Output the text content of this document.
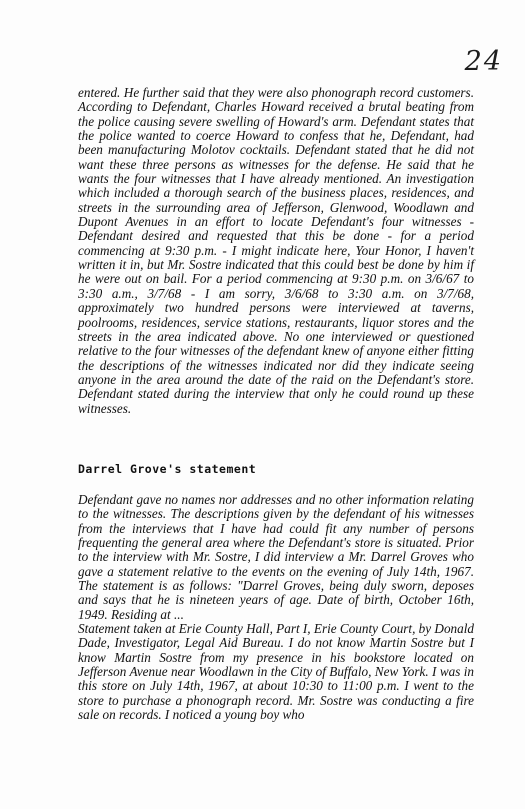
24

entered. He further said that they were also phonograph record customers. According to Defendant, Charles Howard received a brutal beating from the police causing severe swelling of Howard's arm. Defendant states that the police wanted to coerce Howard to confess that he, Defendant, had been manufacturing Molotov cocktails. Defendant stated that he did not want these three persons as witnesses for the defense. He said that he wants the four witnesses that I have already mentioned. An investigation which included a thorough search of the business places, residences, and streets in the surrounding area of Jefferson, Glenwood, Woodlawn and Dupont Avenues in an effort to locate Defendant's four witnesses - Defendant desired and requested that this be done - for a period commencing at 9:30 p.m. - I might indicate here, Your Honor, I haven't written it in, but Mr. Sostre indicated that this could best be done by him if he were out on bail. For a period commencing at 9:30 p.m. on 3/6/67 to 3:30 a.m., 3/7/68 - I am sorry, 3/6/68 to 3:30 a.m. on 3/7/68, approximately two hundred persons were interviewed at taverns, poolrooms, residences, service stations, restaurants, liquor stores and the streets in the area indicated above. No one interviewed or questioned relative to the four witnesses of the defendant knew of anyone either fitting the descriptions of the witnesses indicated nor did they indicate seeing anyone in the area around the date of the raid on the Defendant's store. Defendant stated during the interview that only he could round up these witnesses.

Darrel Grove's statement

Defendant gave no names nor addresses and no other information relating to the witnesses. The descriptions given by the defendant of his witnesses from the interviews that I have had could fit any number of persons frequenting the general area where the Defendant's store is situated. Prior to the interview with Mr. Sostre, I did interview a Mr. Darrel Groves who gave a statement relative to the events on the evening of July 14th, 1967. The statement is as follows: "Darrel Groves, being duly sworn, deposes and says that he is nineteen years of age. Date of birth, October 16th, 1949. Residing at ...

Statement taken at Erie County Hall, Part I, Erie County Court, by Donald Dade, Investigator, Legal Aid Bureau. I do not know Martin Sostre but I know Martin Sostre from my presence in his bookstore located on Jefferson Avenue near Woodlawn in the City of Buffalo, New York. I was in this store on July 14th, 1967, at about 10:30 to 11:00 p.m. I went to the store to purchase a phonograph record. Mr. Sostre was conducting a fire sale on records. I noticed a young boy who
